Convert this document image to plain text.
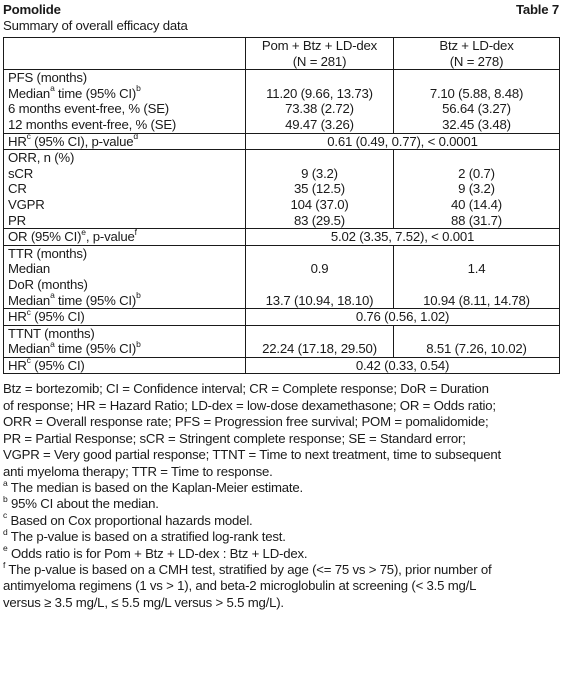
Pomolide	Table 7
Summary of overall efficacy data
	Pom + Btz + LD-dex
(N = 281)	Btz + LD-dex
(N = 278)
PFS (months)		
Median$^a$ time (95% CI)$^b$	11.20 (9.66, 13.73)	7.10 (5.88, 8.48)
6 months event-free, % (SE)	73.38 (2.72)	56.64 (3.27)
12 months event-free, % (SE)	49.47 (3.26)	32.45 (3.48)
$HR^c$ (95% CI), p-value$^d$	0.61 (0.49, 0.77), < 0.0001	
ORR, n (%)		
sCR	9 (3.2)	2 (0.7)
CR	35 (12.5)	9 (3.2)
VGPR	104 (37.0)	40 (14.4)
PR	83 (29.5)	88 (31.7)
OR (95% CI)$^e$, p-value$^f$	5.02 (3.35, 7.52), < 0.001	
TTR (months)		
Median	0.9	1.4
DoR (months)		
Median$^a$ time (95% CI)$^b$	13.7 (10.94, 18.10)	10.94 (8.11, 14.78)
$HR^c$ (95% CI)	0.76 (0.56, 1.02)	
TTNT (months)		
Median$^a$ time (95% CI)$^b$	22.24 (17.18, 29.50)	8.51 (7.26, 10.02)
$HR^c$ (95% CI)	0.42 (0.33, 0.54)	

Btz = bortezomib; CI = Confidence interval; CR = Complete response; DoR = Duration
of response; HR = Hazard Ratio; LD-dex = low-dose dexamethasone; OR = Odds ratio;
ORR = Overall response rate; PFS = Progression free survival; POM = pomalidomide;
PR = Partial Response; sCR = Stringent complete response; SE = Standard error;
VGPR = Very good partial response; TTNT = Time to next treatment, time to subsequent
anti myeloma therapy; TTR = Time to response.

$^a$ The median is based on the Kaplan-Meier estimate.

$^b$ 95% CI about the median.

$^c$ Based on Cox proportional hazards model.

$^d$ The p-value is based on a stratified log-rank test.

$^e$ Odds ratio is for Pom + Btz + LD-dex : Btz + LD-dex.

$^f$ The p-value is based on a CMH test, stratified by age (<= 75 vs > 75), prior number of
antimyeloma regimens (1 vs > 1), and beta-2 microglobulin at screening (< 3.5 mg/L
versus ≥ 3.5 mg/L, ≤ 5.5 mg/L versus > 5.5 mg/L).
